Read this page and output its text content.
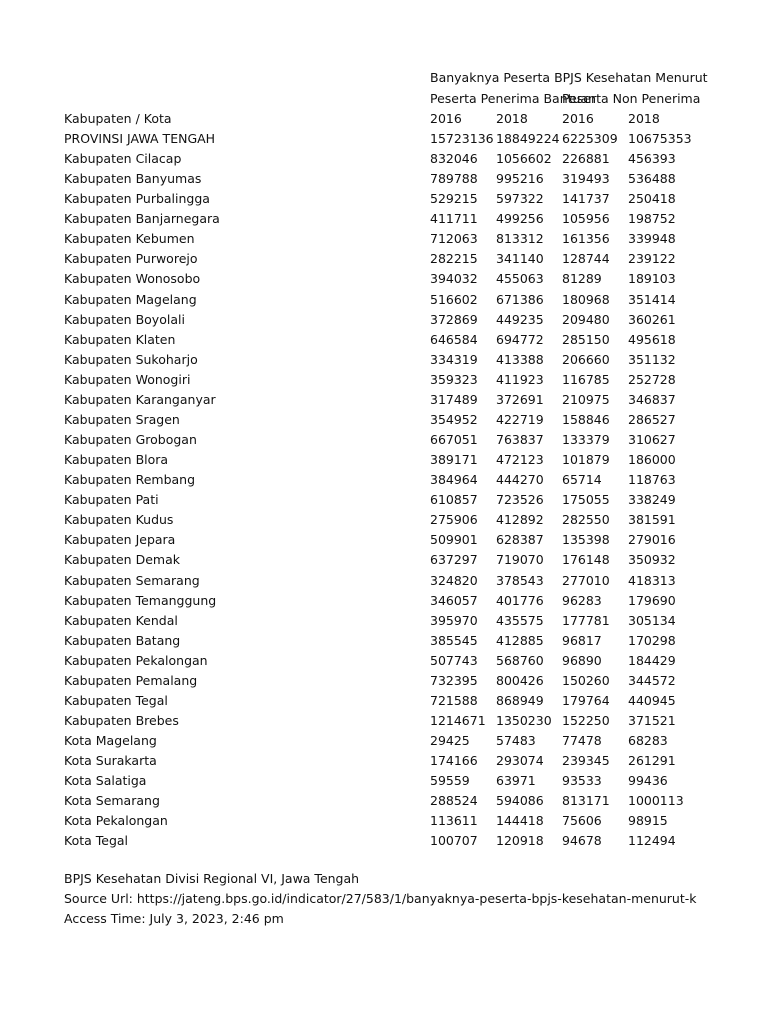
Banyaknya Peserta BPJS Kesehatan Menurut
Peserta Penerima Bantuan
Peserta Non Penerima
Kabupaten / Kota	2016	2018	2016	2018
PROVINSI JAWA TENGAH	15723136 18849224 6225309 10675353
Kabupaten Cilacap	832046	1056602 226881	456393
Kabupaten Banyumas	789788	995216	319493	536488
Kabupaten Purbalingga	529215	597322	141737	250418
Kabupaten Banjarnegara	411711	499256	105956	198752
Kabupaten Kebumen	712063	813312	161356	339948
Kabupaten Purworejo	282215	341140	128744	239122
Kabupaten Wonosobo	394032	455063	81289	189103
Kabupaten Magelang	516602	671386	180968	351414
Kabupaten Boyolali	372869	449235	209480	360261
Kabupaten Klaten	646584	694772	285150	495618
Kabupaten Sukoharjo	334319	413388	206660	351132
Kabupaten Wonogiri	359323	411923	116785	252728
Kabupaten Karanganyar	317489	372691	210975	346837
Kabupaten Sragen	354952	422719	158846	286527
Kabupaten Grobogan	667051	763837	133379	310627
Kabupaten Blora	389171	472123	101879	186000
Kabupaten Rembang	384964	444270	65714	118763
Kabupaten Pati	610857	723526	175055	338249
Kabupaten Kudus	275906	412892	282550	381591
Kabupaten Jepara	509901	628387	135398	279016
Kabupaten Demak	637297	719070	176148	350932
Kabupaten Semarang	324820	378543	277010	418313
Kabupaten Temanggung	346057	401776	96283	179690
Kabupaten Kendal	395970	435575	177781	305134
Kabupaten Batang	385545	412885	96817	170298
Kabupaten Pekalongan	507743	568760	96890	184429
Kabupaten Pemalang	732395	800426	150260	344572
Kabupaten Tegal	721588	868949	179764	440945
Kabupaten Brebes	1214671 1350230 152250	371521
Kota Magelang	29425	57483	77478	68283
Kota Surakarta	174166	293074	239345	261291
Kota Salatiga	59559	63971	93533	99436
Kota Semarang	288524	594086	813171	1000113
Kota Pekalongan	113611	144418	75606	98915
Kota Tegal	100707	120918	94678	112494
BPJS Kesehatan Divisi Regional VI, Jawa Tengah
Source Url: https://jateng.bps.go.id/indicator/27/583/1/banyaknya-peserta-bpjs-kesehatan-menurut-k
Access Time: July 3, 2023, 2:46 pm
